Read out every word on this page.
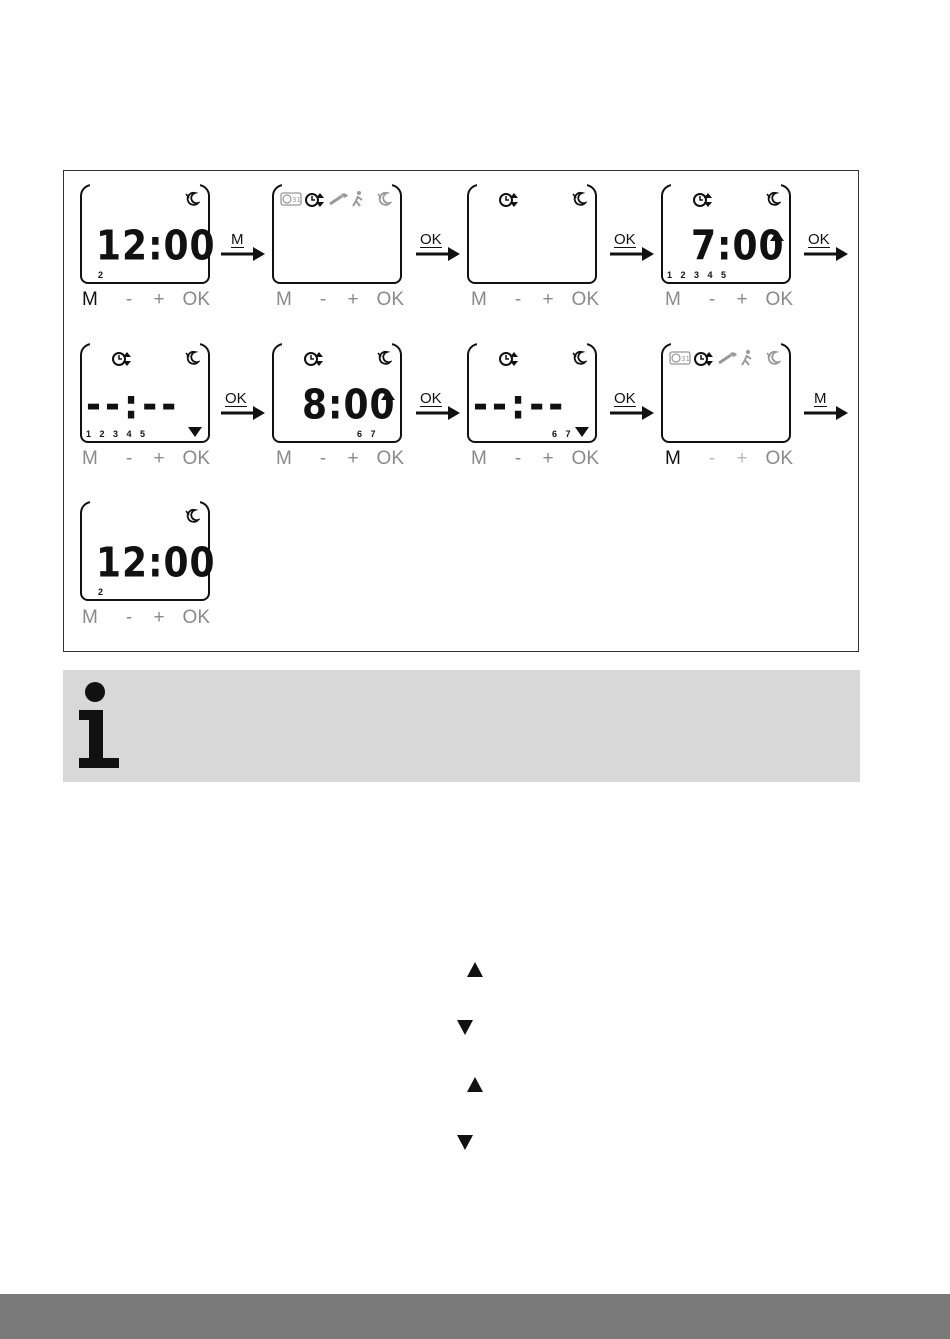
12:00
2
M	-	+ OK
M
31
M	-	+ OK
OK
M	-	+ OK
OK 7:00
1 2 3 4 5
M	-	+ OK
OK
--:--
1 2 3 4 5
M	-	+ OK
OK 8:00
6 7
M	-	+ OK
OK --:--
6 7
M	-	+ OK
OK
31
M	-	+ OK
M
12:00
2
M	-	+ OK
